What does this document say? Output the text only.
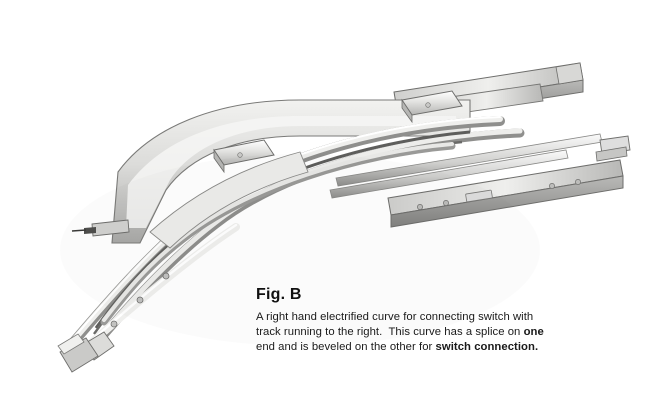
Fig. B
A right hand electrified curve for connecting switch with
track running to the right.  This curve has a splice on one
end and is beveled on the other for switch connection.
